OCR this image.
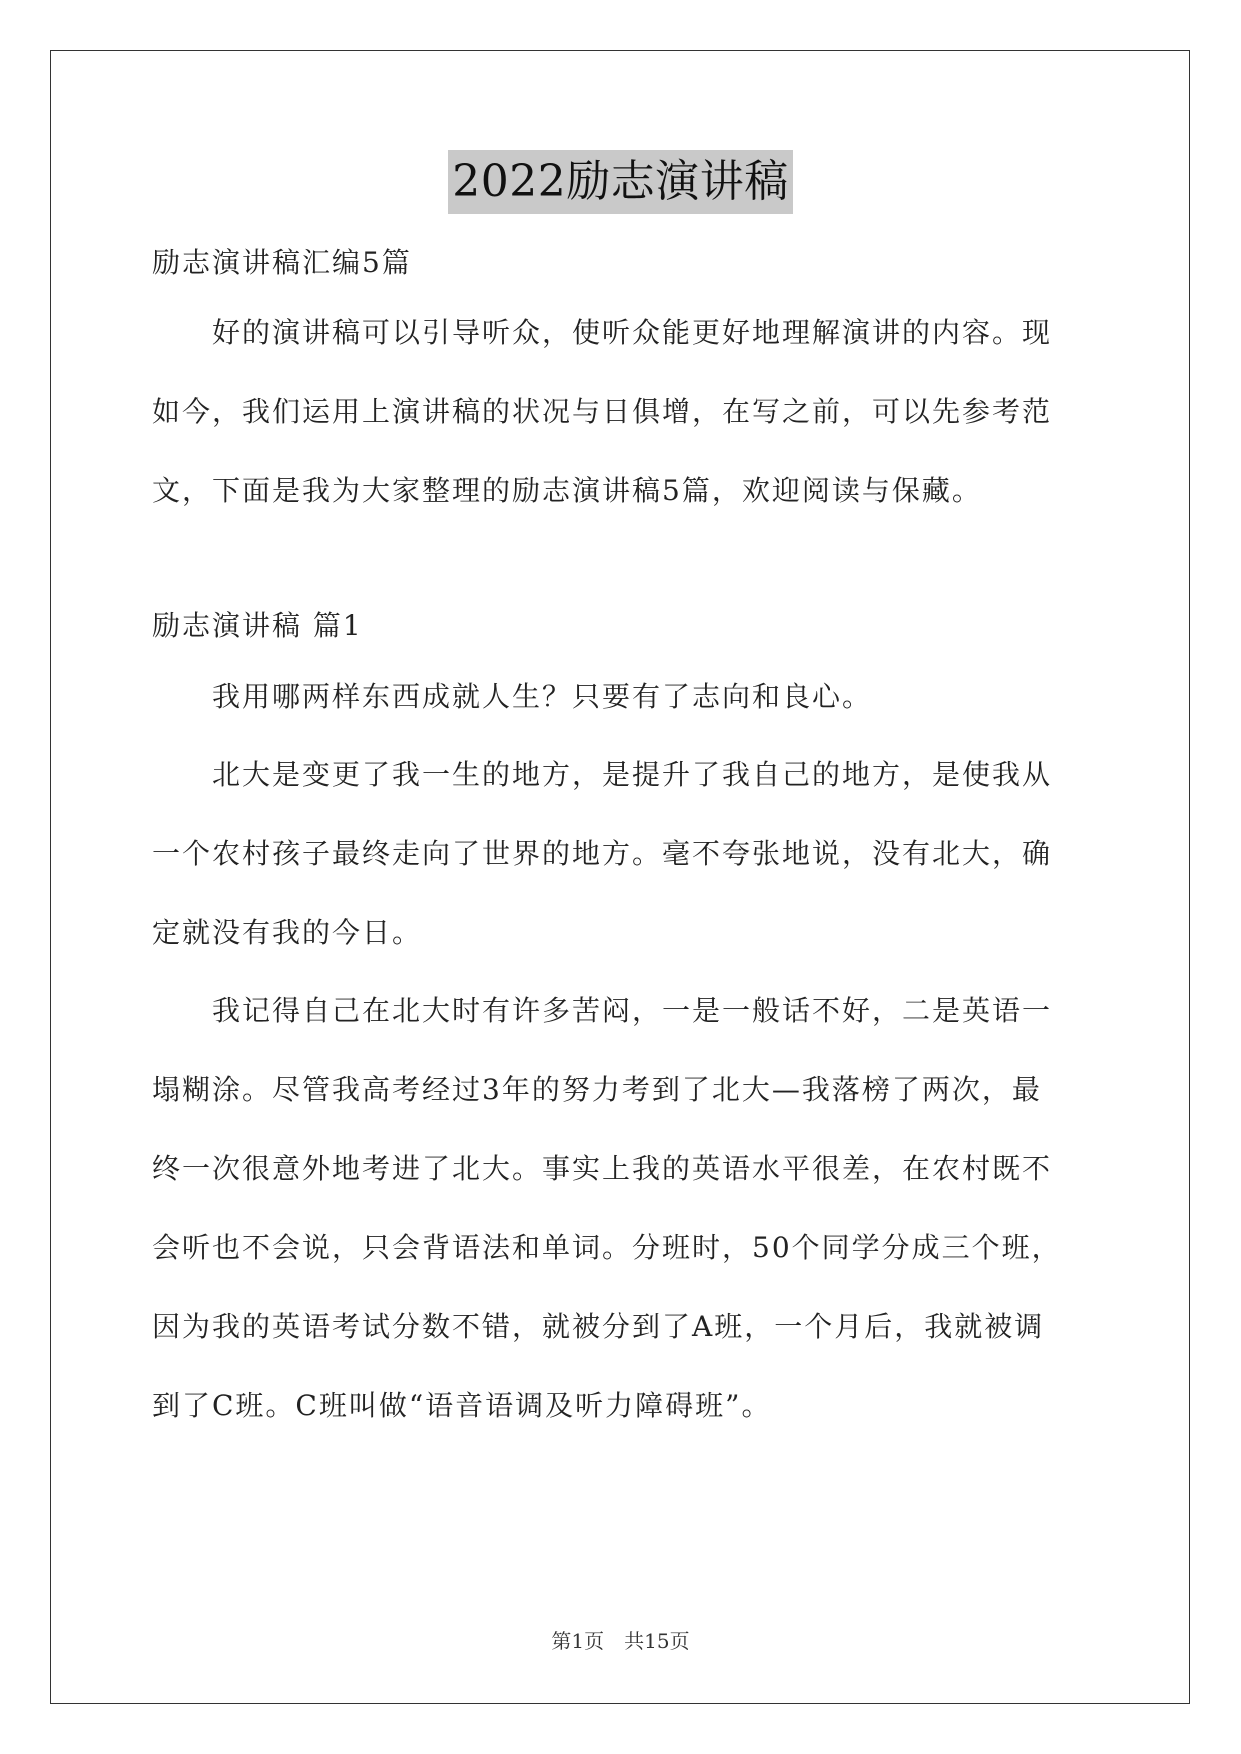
2022励志演讲稿

励志演讲稿汇编5篇

好的演讲稿可以引导听众，使听众能更好地理解演讲的内容。现
如今，我们运用上演讲稿的状况与日俱增，在写之前，可以先参考范
文，下面是我为大家整理的励志演讲稿5篇，欢迎阅读与保藏。

励志演讲稿 篇1

我用哪两样东西成就人生？只要有了志向和良心。

北大是变更了我一生的地方，是提升了我自己的地方，是使我从
一个农村孩子最终走向了世界的地方。毫不夸张地说，没有北大，确
定就没有我的今日。
我记得自己在北大时有许多苦闷，一是一般话不好，二是英语一
塌糊涂。尽管我高考经过3年的努力考到了北大—我落榜了两次，最
终一次很意外地考进了北大。事实上我的英语水平很差，在农村既不
会听也不会说，只会背语法和单词。分班时，50个同学分成三个班，
因为我的英语考试分数不错，就被分到了A班，一个月后，我就被调
到了C班。C班叫做“语音语调及听力障碍班”。
第1页　共15页
